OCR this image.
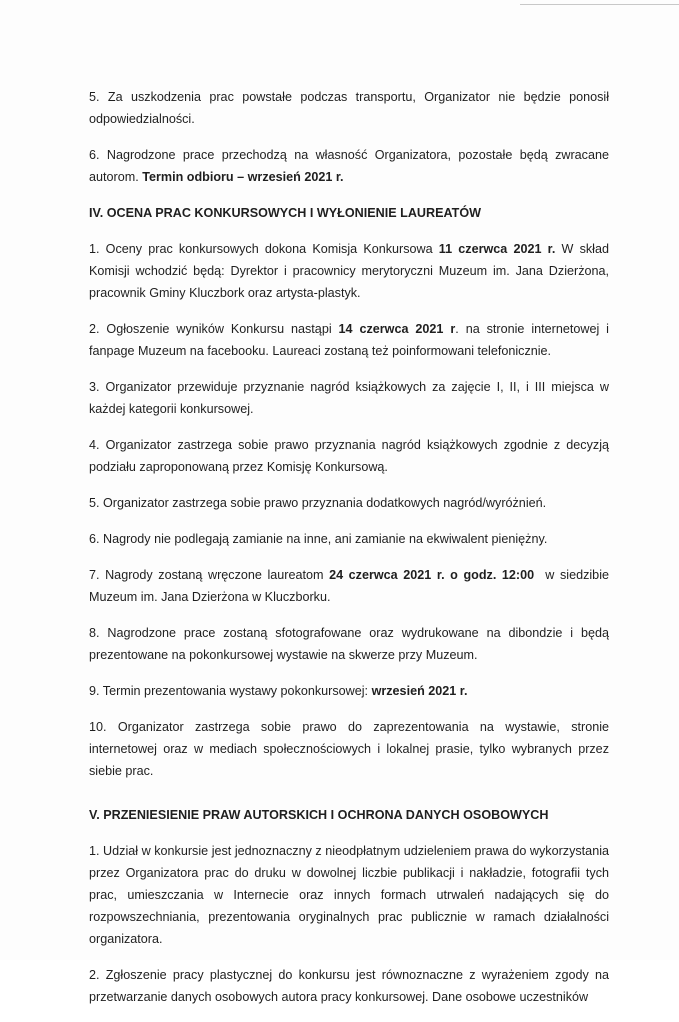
5. Za uszkodzenia prac powstałe podczas transportu, Organizator nie będzie ponosił odpowiedzialności.

6. Nagrodzone prace przechodzą na własność Organizatora, pozostałe będą zwracane autorom. Termin odbioru – wrzesień 2021 r.

IV. OCENA PRAC KONKURSOWYCH I WYŁONIENIE LAUREATÓW

1. Oceny prac konkursowych dokona Komisja Konkursowa 11 czerwca 2021 r. W skład Komisji wchodzić będą: Dyrektor i pracownicy merytoryczni Muzeum im. Jana Dzierżona, pracownik Gminy Kluczbork oraz artysta-plastyk.

2. Ogłoszenie wyników Konkursu nastąpi 14 czerwca 2021 r. na stronie internetowej i fanpage Muzeum na facebooku. Laureaci zostaną też poinformowani telefonicznie.

3. Organizator przewiduje przyznanie nagród książkowych za zajęcie I, II, i III miejsca w każdej kategorii konkursowej.

4. Organizator zastrzega sobie prawo przyznania nagród książkowych zgodnie z decyzją podziału zaproponowaną przez Komisję Konkursową.

5. Organizator zastrzega sobie prawo przyznania dodatkowych nagród/wyróżnień.

6. Nagrody nie podlegają zamianie na inne, ani zamianie na ekwiwalent pieniężny.

7. Nagrody zostaną wręczone laureatom 24 czerwca 2021 r. o godz. 12:00  w siedzibie Muzeum im. Jana Dzierżona w Kluczborku.

8. Nagrodzone prace zostaną sfotografowane oraz wydrukowane na dibondzie i będą prezentowane na pokonkursowej wystawie na skwerze przy Muzeum.

9. Termin prezentowania wystawy pokonkursowej: wrzesień 2021 r.

10. Organizator zastrzega sobie prawo do zaprezentowania na wystawie, stronie internetowej oraz w mediach społecznościowych i lokalnej prasie, tylko wybranych przez siebie prac.

V. PRZENIESIENIE PRAW AUTORSKICH I OCHRONA DANYCH OSOBOWYCH

1. Udział w konkursie jest jednoznaczny z nieodpłatnym udzieleniem prawa do wykorzystania przez Organizatora prac do druku w dowolnej liczbie publikacji i nakładzie, fotografii tych prac, umieszczania w Internecie oraz innych formach utrwaleń nadających się do rozpowszechniania, prezentowania oryginalnych prac publicznie w ramach działalności organizatora.

2. Zgłoszenie pracy plastycznej do konkursu jest równoznaczne z wyrażeniem zgody na przetwarzanie danych osobowych autora pracy konkursowej. Dane osobowe uczestników
